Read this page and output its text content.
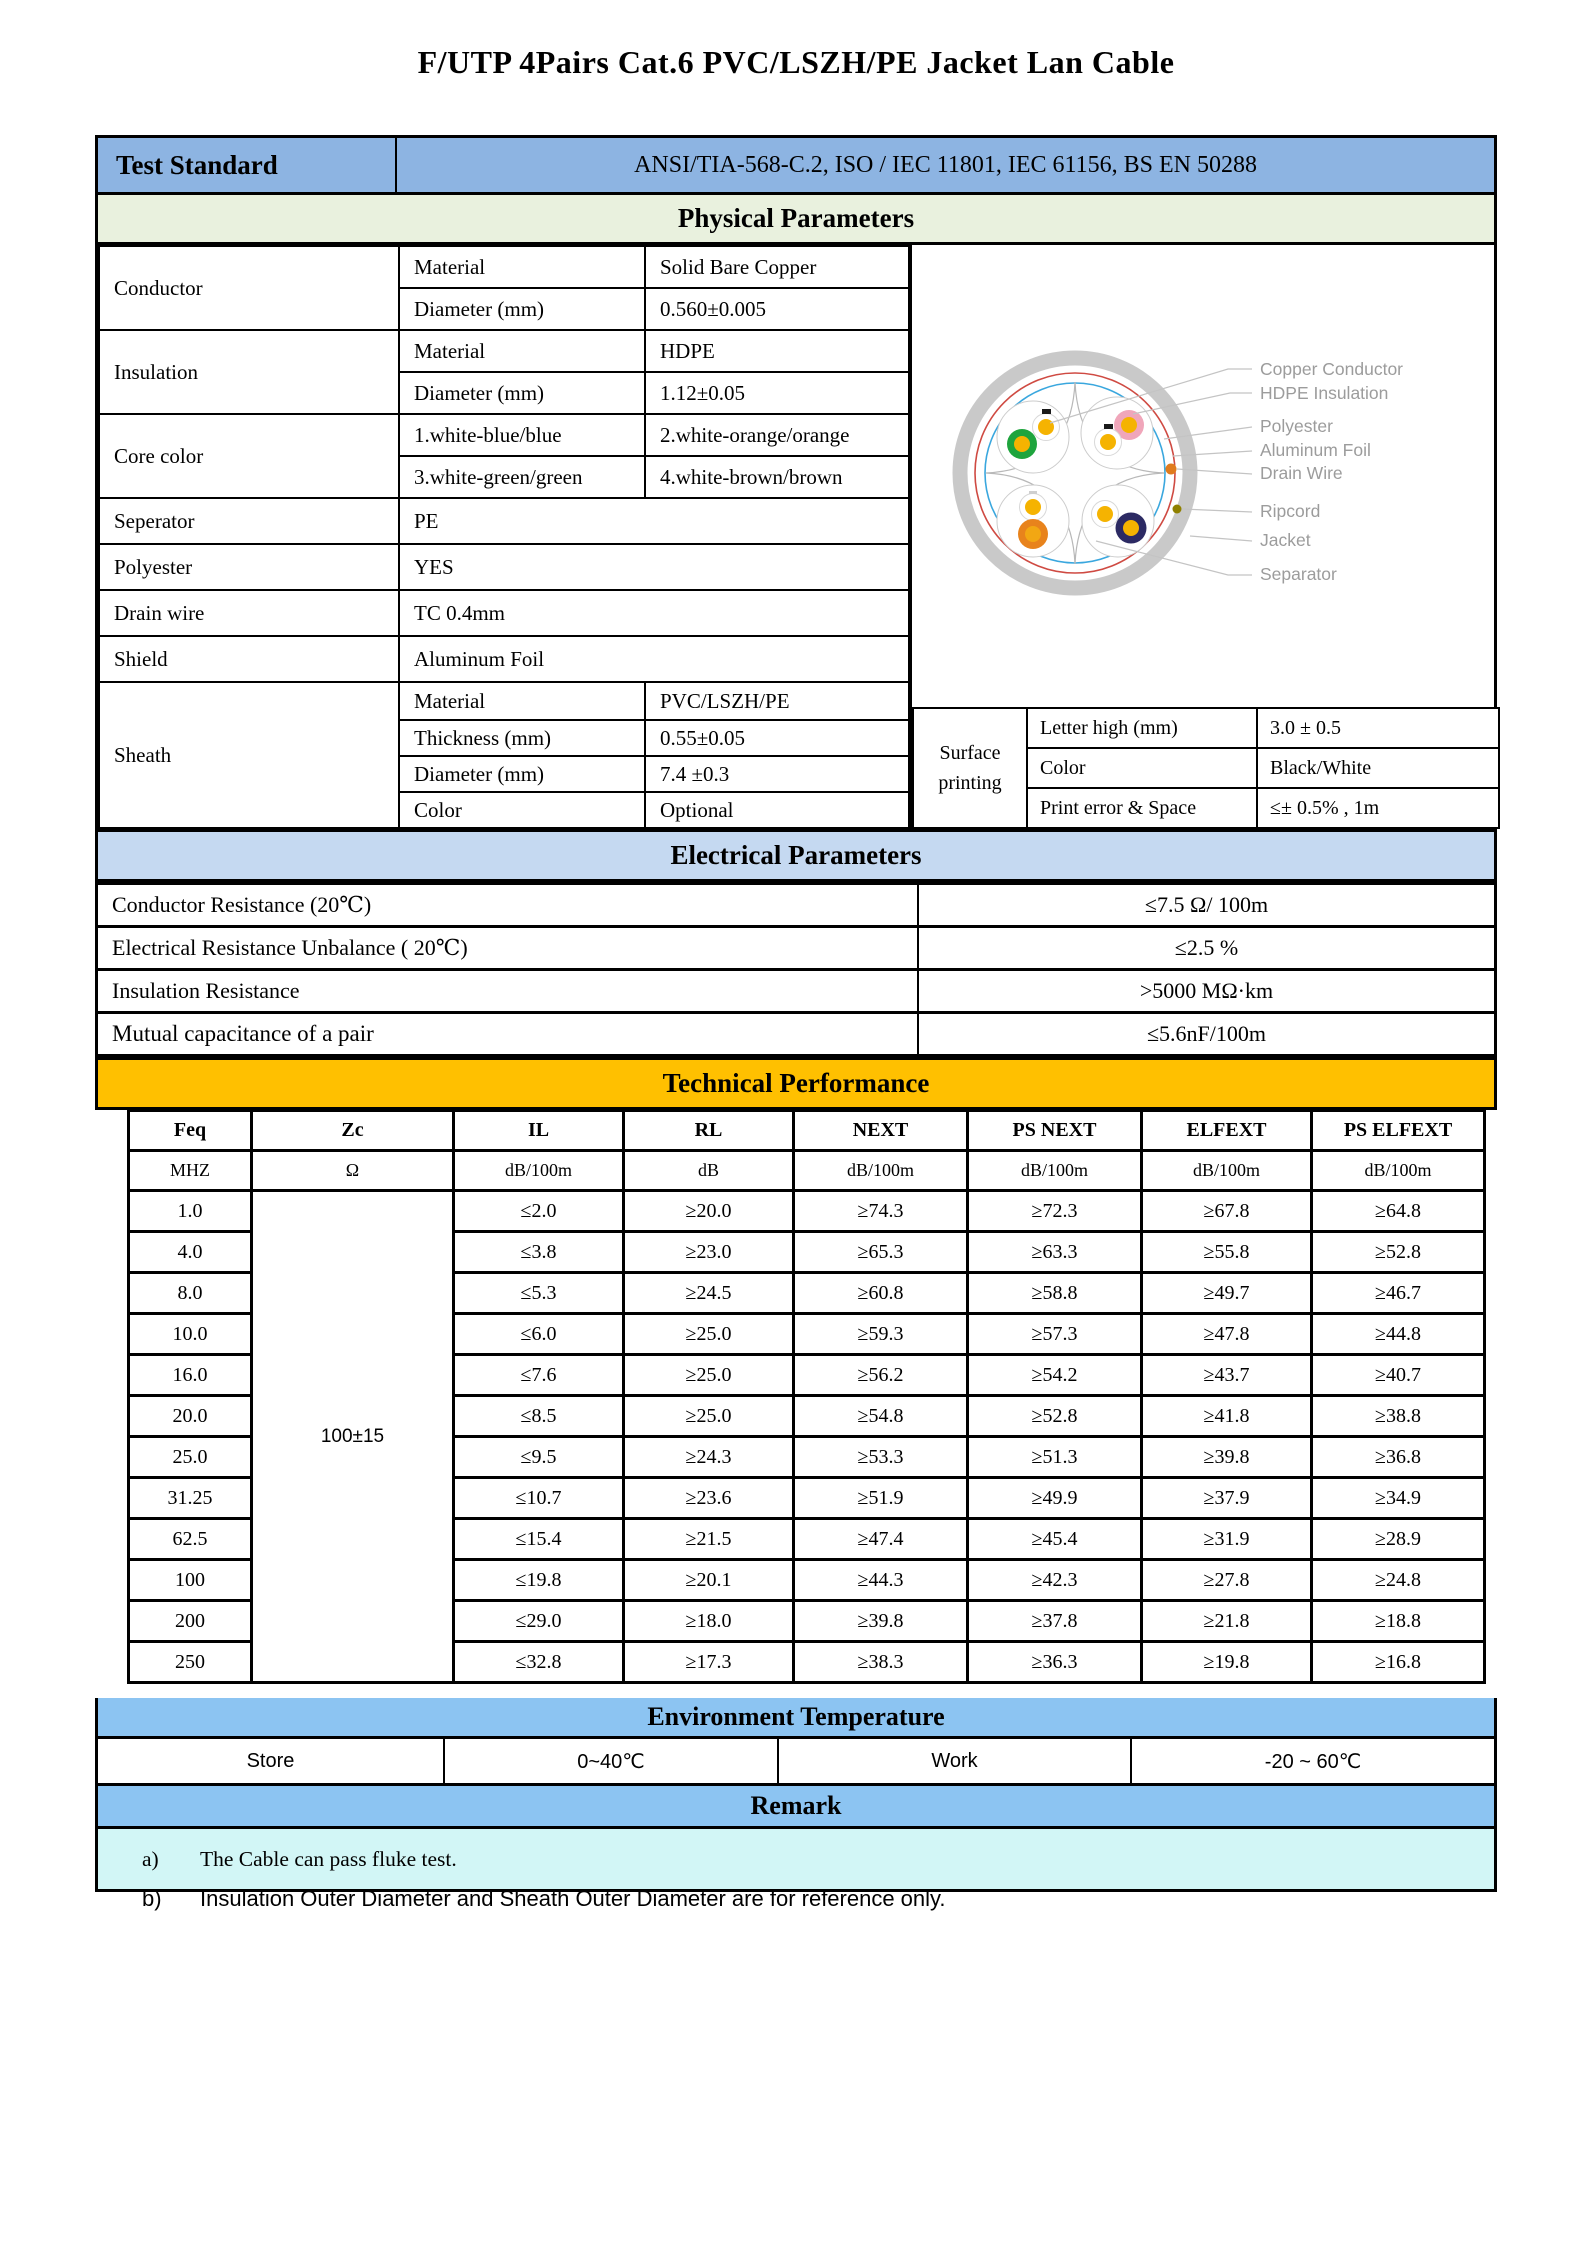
F/UTP 4Pairs Cat.6 PVC/LSZH/PE Jacket Lan Cable
Test Standard	ANSI/TIA-568-C.2, ISO / IEC 11801, IEC 61156, BS EN 50288
Physical Parameters
Conductor	Material	Solid Bare Copper
	Diameter (mm)	0.560±0.005
Insulation	Material	HDPE
	Diameter (mm)	1.12±0.05
Core color	1.white-blue/blue	2.white-orange/orange
	3.white-green/green	4.white-brown/brown
Seperator	PE	
Polyester	YES	
Drain wire	TC 0.4mm	
Shield	Aluminum Foil	
Sheath	Material	PVC/LSZH/PE
	Thickness (mm)	0.55±0.05
	Diameter (mm)	7.4 ±0.3
	Color	Optional
Copper Conductor
HDPE Insulation
Polyester
Aluminum Foil
Drain Wire
Ripcord
Jacket
Separator
Surface printing	Letter high (mm)	3.0 ± 0.5
	Color	Black/White
	Print error & Space	≤± 0.5% , 1m
Electrical Parameters
Conductor Resistance (20℃)	≤7.5 Ω/ 100m
Electrical Resistance Unbalance ( 20℃)	≤2.5 %
Insulation Resistance	>5000 MΩ·km
Mutual capacitance of a pair	≤5.6nF/100m
Technical Performance
Feq	Zc	IL	RL	NEXT	PS NEXT	ELFEXT	PS ELFEXT
MHZ	Ω	dB/100m	dB	dB/100m	dB/100m	dB/100m	dB/100m
1.0	100±15	≤2.0	≥20.0	≥74.3	≥72.3	≥67.8	≥64.8
4.0		≤3.8	≥23.0	≥65.3	≥63.3	≥55.8	≥52.8
8.0		≤5.3	≥24.5	≥60.8	≥58.8	≥49.7	≥46.7
10.0		≤6.0	≥25.0	≥59.3	≥57.3	≥47.8	≥44.8
16.0		≤7.6	≥25.0	≥56.2	≥54.2	≥43.7	≥40.7
20.0		≤8.5	≥25.0	≥54.8	≥52.8	≥41.8	≥38.8
25.0		≤9.5	≥24.3	≥53.3	≥51.3	≥39.8	≥36.8
31.25		≤10.7	≥23.6	≥51.9	≥49.9	≥37.9	≥34.9
62.5		≤15.4	≥21.5	≥47.4	≥45.4	≥31.9	≥28.9
100		≤19.8	≥20.1	≥44.3	≥42.3	≥27.8	≥24.8
200		≤29.0	≥18.0	≥39.8	≥37.8	≥21.8	≥18.8
250		≤32.8	≥17.3	≥38.3	≥36.3	≥19.8	≥16.8
Environment Temperature
Store	0~40℃	Work	-20 ~ 60℃
Remark
a)	The Cable can pass fluke test.
b)	Insulation Outer Diameter and Sheath Outer Diameter are for reference only.
